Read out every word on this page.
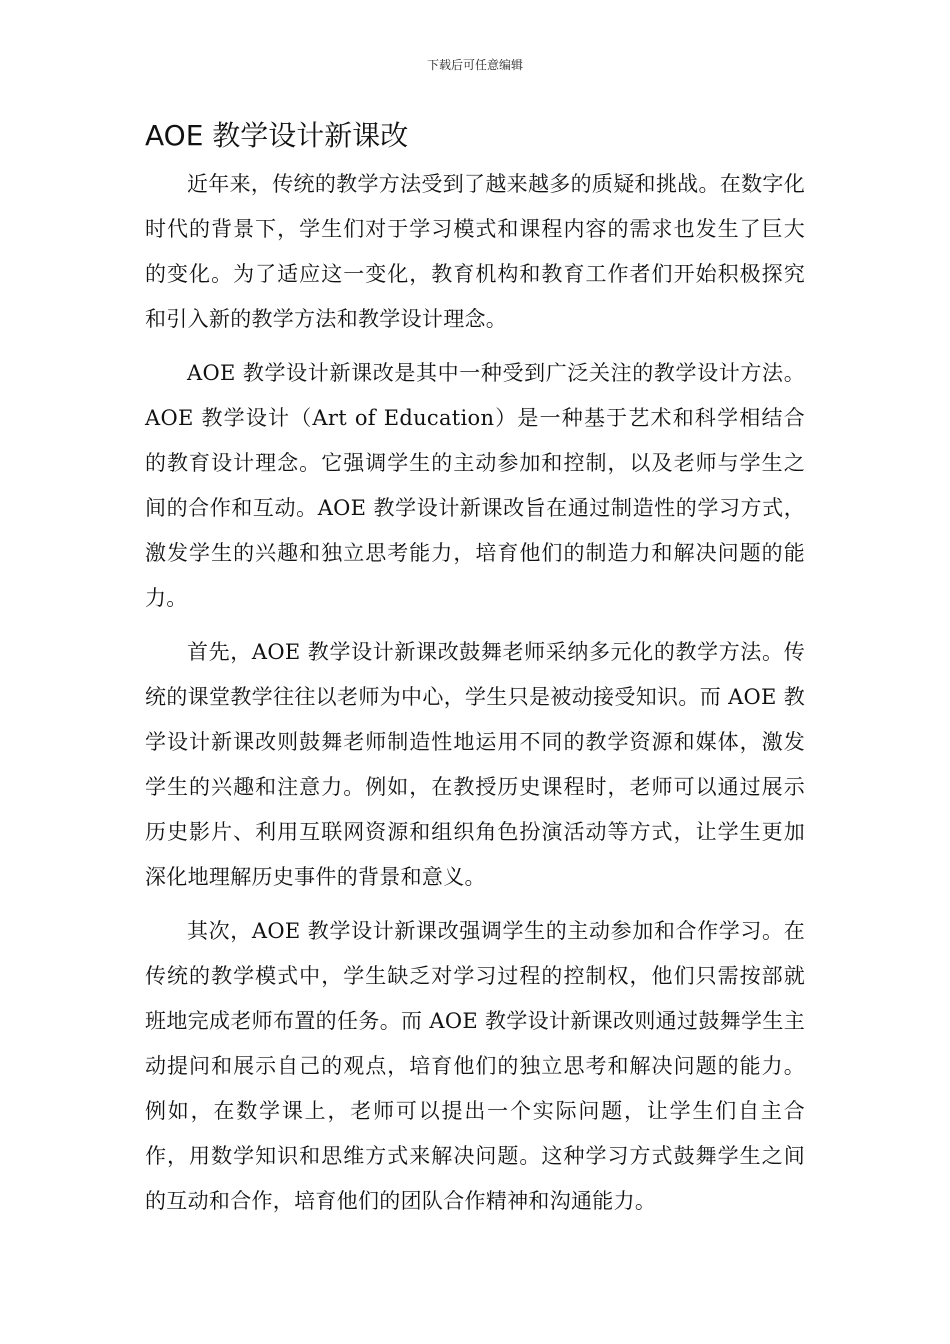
下载后可任意编辑
AOE 教学设计新课改

近年来，传统的教学方法受到了越来越多的质疑和挑战。在数字化时代的背景下，学生们对于学习模式和课程内容的需求也发生了巨大的变化。为了适应这一变化，教育机构和教育工作者们开始积极探究和引入新的教学方法和教学设计理念。

AOE 教学设计新课改是其中一种受到广泛关注的教学设计方法。AOE 教学设计（Art of Education）是一种基于艺术和科学相结合的教育设计理念。它强调学生的主动参加和控制，以及老师与学生之间的合作和互动。AOE 教学设计新课改旨在通过制造性的学习方式，激发学生的兴趣和独立思考能力，培育他们的制造力和解决问题的能力。

首先，AOE 教学设计新课改鼓舞老师采纳多元化的教学方法。传统的课堂教学往往以老师为中心，学生只是被动接受知识。而 AOE 教学设计新课改则鼓舞老师制造性地运用不同的教学资源和媒体，激发学生的兴趣和注意力。例如，在教授历史课程时，老师可以通过展示历史影片、利用互联网资源和组织角色扮演活动等方式，让学生更加深化地理解历史事件的背景和意义。

其次，AOE 教学设计新课改强调学生的主动参加和合作学习。在传统的教学模式中，学生缺乏对学习过程的控制权，他们只需按部就班地完成老师布置的任务。而 AOE 教学设计新课改则通过鼓舞学生主动提问和展示自己的观点，培育他们的独立思考和解决问题的能力。例如，在数学课上，老师可以提出一个实际问题，让学生们自主合作，用数学知识和思维方式来解决问题。这种学习方式鼓舞学生之间的互动和合作，培育他们的团队合作精神和沟通能力。
